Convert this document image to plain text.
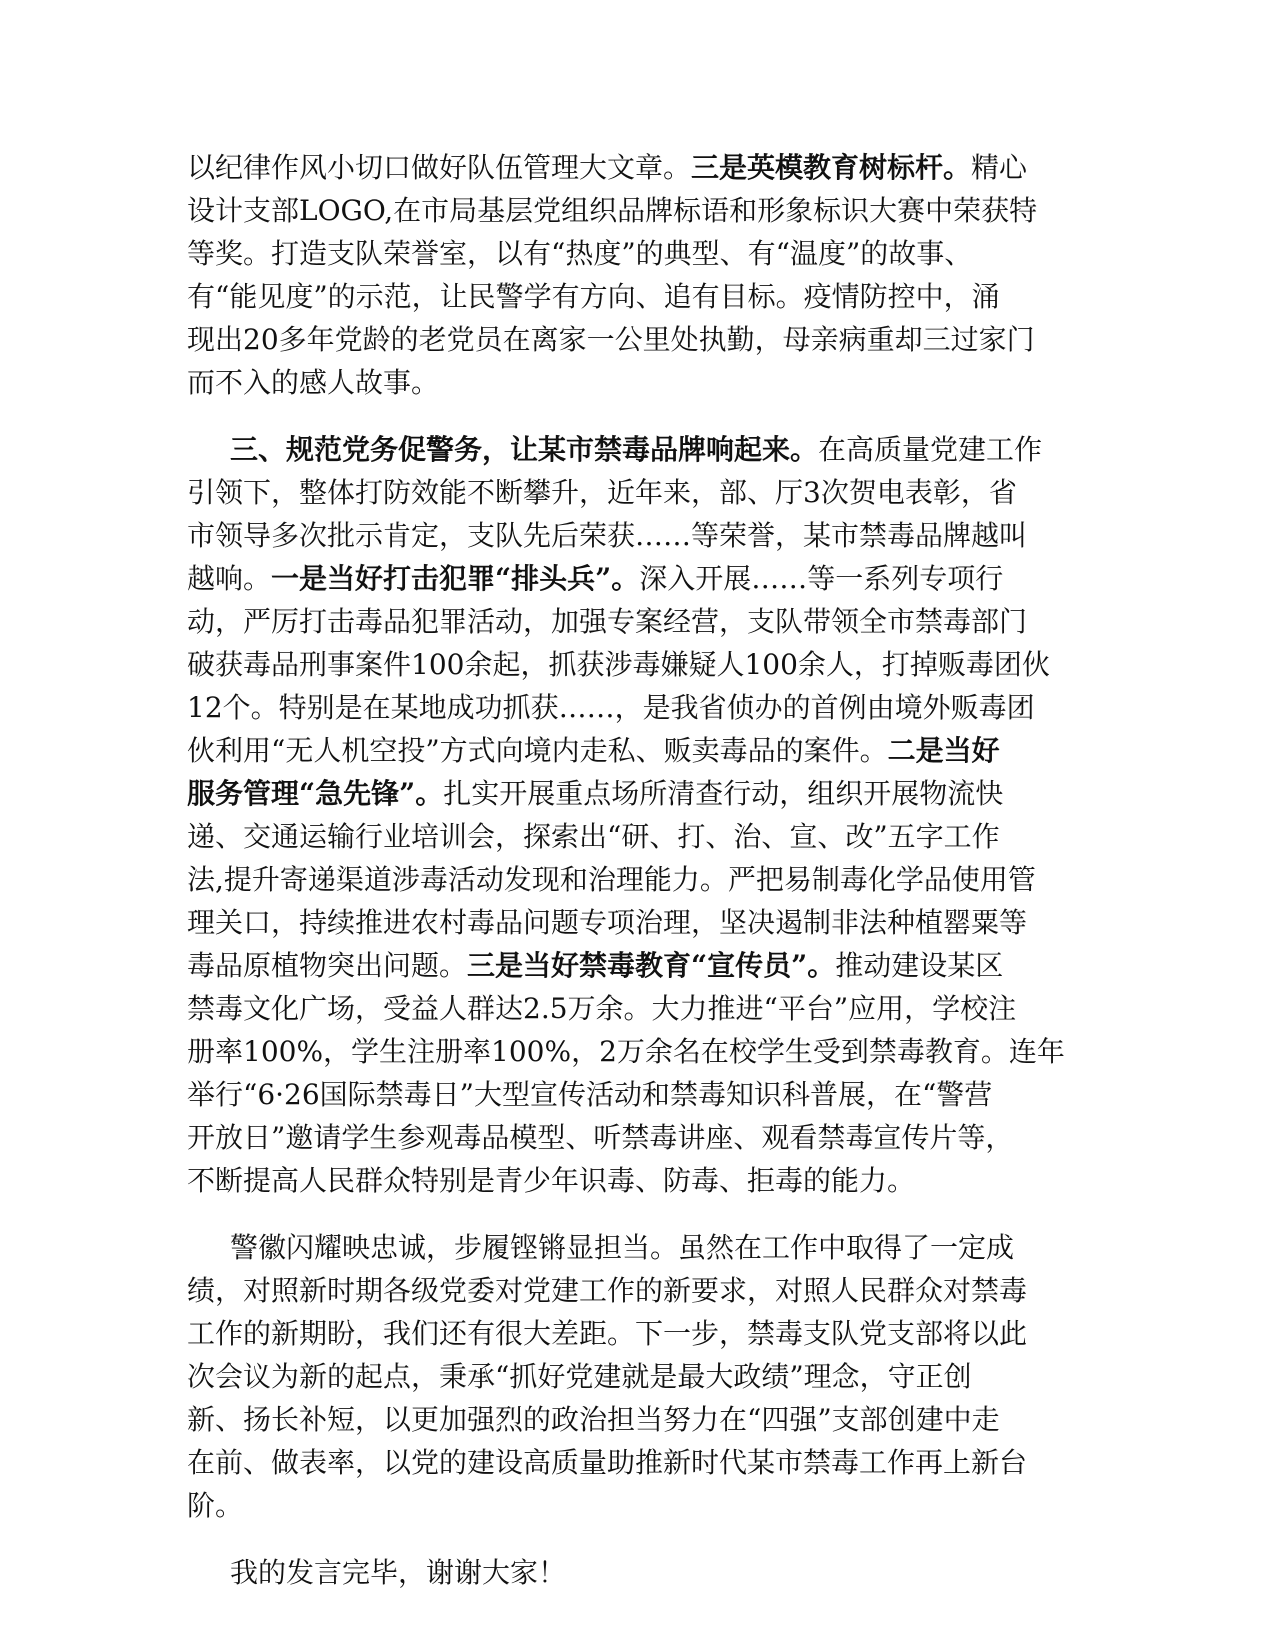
以纪律作风小切口做好队伍管理大文章。三是英模教育树标杆。精心
设计支部LOGO,在市局基层党组织品牌标语和形象标识大赛中荣获特
等奖。打造支队荣誉室，以有“热度”的典型、有“温度”的故事、
有“能见度”的示范，让民警学有方向、追有目标。疫情防控中，涌
现出20多年党龄的老党员在离家一公里处执勤，母亲病重却三过家门
而不入的感人故事。
三、规范党务促警务，让某市禁毒品牌响起来。在高质量党建工作
引领下，整体打防效能不断攀升，近年来，部、厅3次贺电表彰，省
市领导多次批示肯定，支队先后荣获……等荣誉，某市禁毒品牌越叫
越响。一是当好打击犯罪“排头兵”。深入开展……等一系列专项行
动，严厉打击毒品犯罪活动，加强专案经营，支队带领全市禁毒部门
破获毒品刑事案件100余起，抓获涉毒嫌疑人100余人，打掉贩毒团伙
12个。特别是在某地成功抓获……，是我省侦办的首例由境外贩毒团
伙利用“无人机空投”方式向境内走私、贩卖毒品的案件。二是当好
服务管理“急先锋”。扎实开展重点场所清查行动，组织开展物流快
递、交通运输行业培训会，探索出“研、打、治、宣、改”五字工作
法,提升寄递渠道涉毒活动发现和治理能力。严把易制毒化学品使用管
理关口，持续推进农村毒品问题专项治理，坚决遏制非法种植罂粟等
毒品原植物突出问题。三是当好禁毒教育“宣传员”。推动建设某区
禁毒文化广场，受益人群达2.5万余。大力推进“平台”应用，学校注
册率100%，学生注册率100%，2万余名在校学生受到禁毒教育。连年
举行“6·26国际禁毒日”大型宣传活动和禁毒知识科普展，在“警营
开放日”邀请学生参观毒品模型、听禁毒讲座、观看禁毒宣传片等，
不断提高人民群众特别是青少年识毒、防毒、拒毒的能力。
警徽闪耀映忠诚，步履铿锵显担当。虽然在工作中取得了一定成
绩，对照新时期各级党委对党建工作的新要求，对照人民群众对禁毒
工作的新期盼，我们还有很大差距。下一步，禁毒支队党支部将以此
次会议为新的起点，秉承“抓好党建就是最大政绩”理念，守正创
新、扬长补短，以更加强烈的政治担当努力在“四强”支部创建中走
在前、做表率，以党的建设高质量助推新时代某市禁毒工作再上新台
阶。
我的发言完毕，谢谢大家！
